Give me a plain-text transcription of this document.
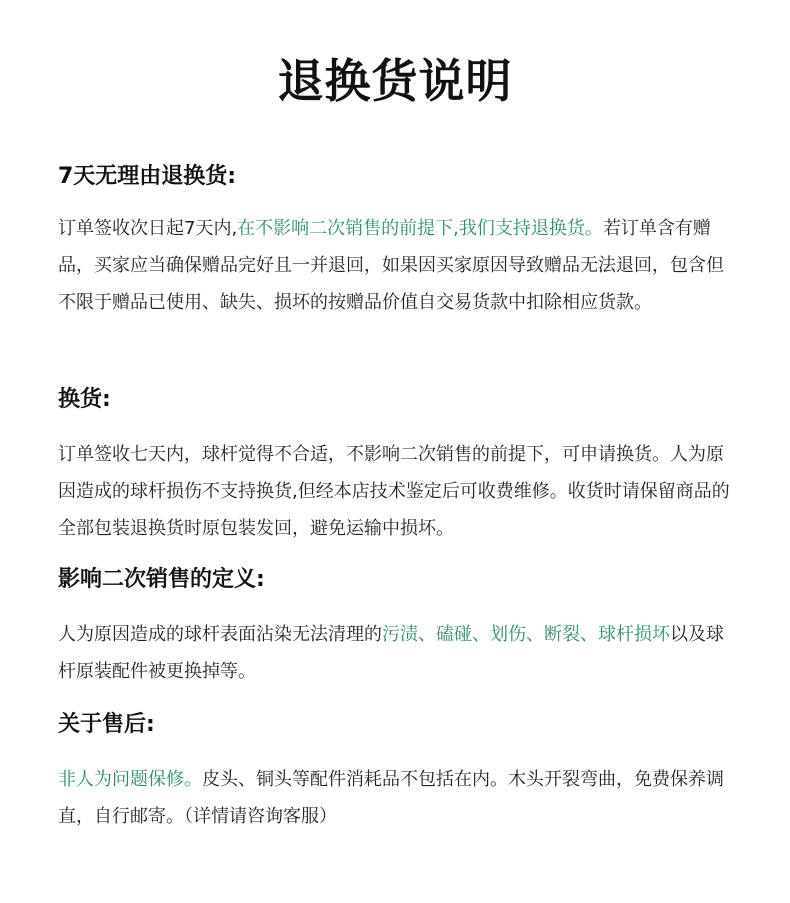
退换货说明
7天无理由退换货:

订单签收次日起7天内,在不影响二次销售的前提下,我们支持退换货。若订单含有赠品，买家应当确保赠品完好且一并退回，如果因买家原因导致赠品无法退回，包含但不限于赠品已使用、缺失、损坏的按赠品价值自交易货款中扣除相应货款。

换货:

订单签收七天内，球杆觉得不合适，不影响二次销售的前提下，可申请换货。人为原因造成的球杆损伤不支持换货,但经本店技术鉴定后可收费维修。收货时请保留商品的全部包装退换货时原包装发回，避免运输中损坏。

影响二次销售的定义:

人为原因造成的球杆表面沾染无法清理的污渍、磕碰、划伤、断裂、球杆损坏以及球杆原装配件被更换掉等。

关于售后:

非人为问题保修。皮头、铜头等配件消耗品不包括在内。木头开裂弯曲，免费保养调直，自行邮寄。（详情请咨询客服）
